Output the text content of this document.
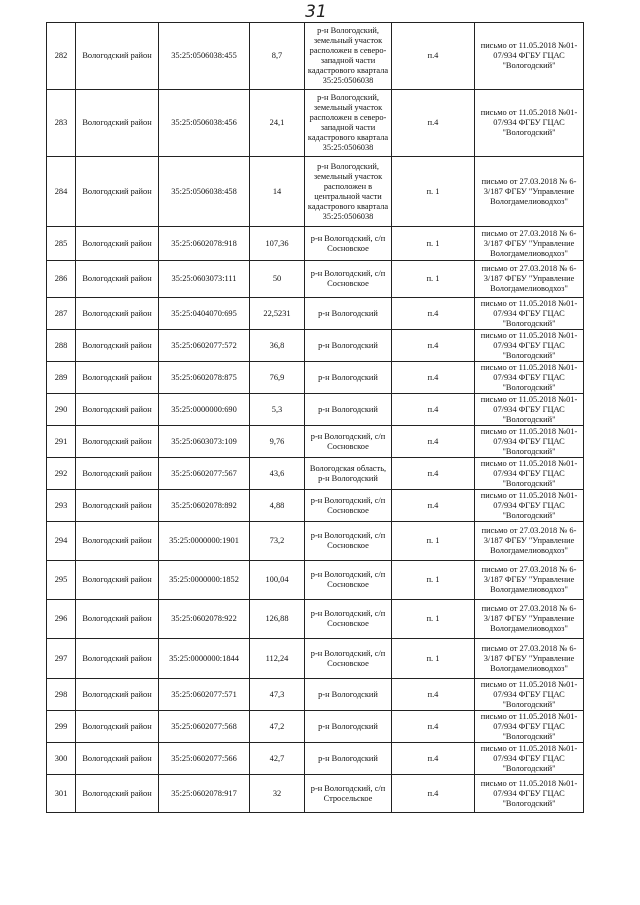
31
282	Вологодский район	35:25:0506038:455	8,7	р-н Вологодский, земельный участок расположен в северо-западной части кадастрового квартала 35:25:0506038	п.4	письмо от 11.05.2018 №01-07/934 ФГБУ ГЦАС "Вологодский"
283	Вологодский район	35:25:0506038:456	24,1	р-н Вологодский, земельный участок расположен в северо-западной части кадастрового квартала 35:25:0506038	п.4	письмо от 11.05.2018 №01-07/934 ФГБУ ГЦАС "Вологодский"
284	Вологодский район	35:25:0506038:458	14	р-н Вологодский, земельный участок расположен в центральной части кадастрового квартала 35:25:0506038	п. 1	письмо от 27.03.2018 № 6-3/187 ФГБУ "Управление Вологдамелиоводхоз"
285	Вологодский район	35:25:0602078:918	107,36	р-н Вологодский, с/п Сосновское	п. 1	письмо от 27.03.2018 № 6-3/187 ФГБУ "Управление Вологдамелиоводхоз"
286	Вологодский район	35:25:0603073:111	50	р-н Вологодский, с/п Сосновское	п. 1	письмо от 27.03.2018 № 6-3/187 ФГБУ "Управление Вологдамелиоводхоз"
287	Вологодский район	35:25:0404070:695	22,5231	р-н Вологодский	п.4	письмо от 11.05.2018 №01-07/934 ФГБУ ГЦАС "Вологодский"
288	Вологодский район	35:25:0602077:572	36,8	р-н Вологодский	п.4	письмо от 11.05.2018 №01-07/934 ФГБУ ГЦАС "Вологодский"
289	Вологодский район	35:25:0602078:875	76,9	р-н Вологодский	п.4	письмо от 11.05.2018 №01-07/934 ФГБУ ГЦАС "Вологодский"
290	Вологодский район	35:25:0000000:690	5,3	р-н Вологодский	п.4	письмо от 11.05.2018 №01-07/934 ФГБУ ГЦАС "Вологодский"
291	Вологодский район	35:25:0603073:109	9,76	р-н Вологодский, с/п Сосновское	п.4	письмо от 11.05.2018 №01-07/934 ФГБУ ГЦАС "Вологодский"
292	Вологодский район	35:25:0602077:567	43,6	Вологодская область, р-н Вологодский	п.4	письмо от 11.05.2018 №01-07/934 ФГБУ ГЦАС "Вологодский"
293	Вологодский район	35:25:0602078:892	4,88	р-н Вологодский, с/п Сосновское	п.4	письмо от 11.05.2018 №01-07/934 ФГБУ ГЦАС "Вологодский"
294	Вологодский район	35:25:0000000:1901	73,2	р-н Вологодский, с/п Сосновское	п. 1	письмо от 27.03.2018 № 6-3/187 ФГБУ "Управление Вологдамелиоводхоз"
295	Вологодский район	35:25:0000000:1852	100,04	р-н Вологодский, с/п Сосновское	п. 1	письмо от 27.03.2018 № 6-3/187 ФГБУ "Управление Вологдамелиоводхоз"
296	Вологодский район	35:25:0602078:922	126,88	р-н Вологодский, с/п Сосновское	п. 1	письмо от 27.03.2018 № 6-3/187 ФГБУ "Управление Вологдамелиоводхоз"
297	Вологодский район	35:25:0000000:1844	112,24	р-н Вологодский, с/п Сосновское	п. 1	письмо от 27.03.2018 № 6-3/187 ФГБУ "Управление Вологдамелиоводхоз"
298	Вологодский район	35:25:0602077:571	47,3	р-н Вологодский	п.4	письмо от 11.05.2018 №01-07/934 ФГБУ ГЦАС "Вологодский"
299	Вологодский район	35:25:0602077:568	47,2	р-н Вологодский	п.4	письмо от 11.05.2018 №01-07/934 ФГБУ ГЦАС "Вологодский"
300	Вологодский район	35:25:0602077:566	42,7	р-н Вологодский	п.4	письмо от 11.05.2018 №01-07/934 ФГБУ ГЦАС "Вологодский"
301	Вологодский район	35:25:0602078:917	32	р-н Вологодский, с/п Стросельское	п.4	письмо от 11.05.2018 №01-07/934 ФГБУ ГЦАС "Вологодский"
